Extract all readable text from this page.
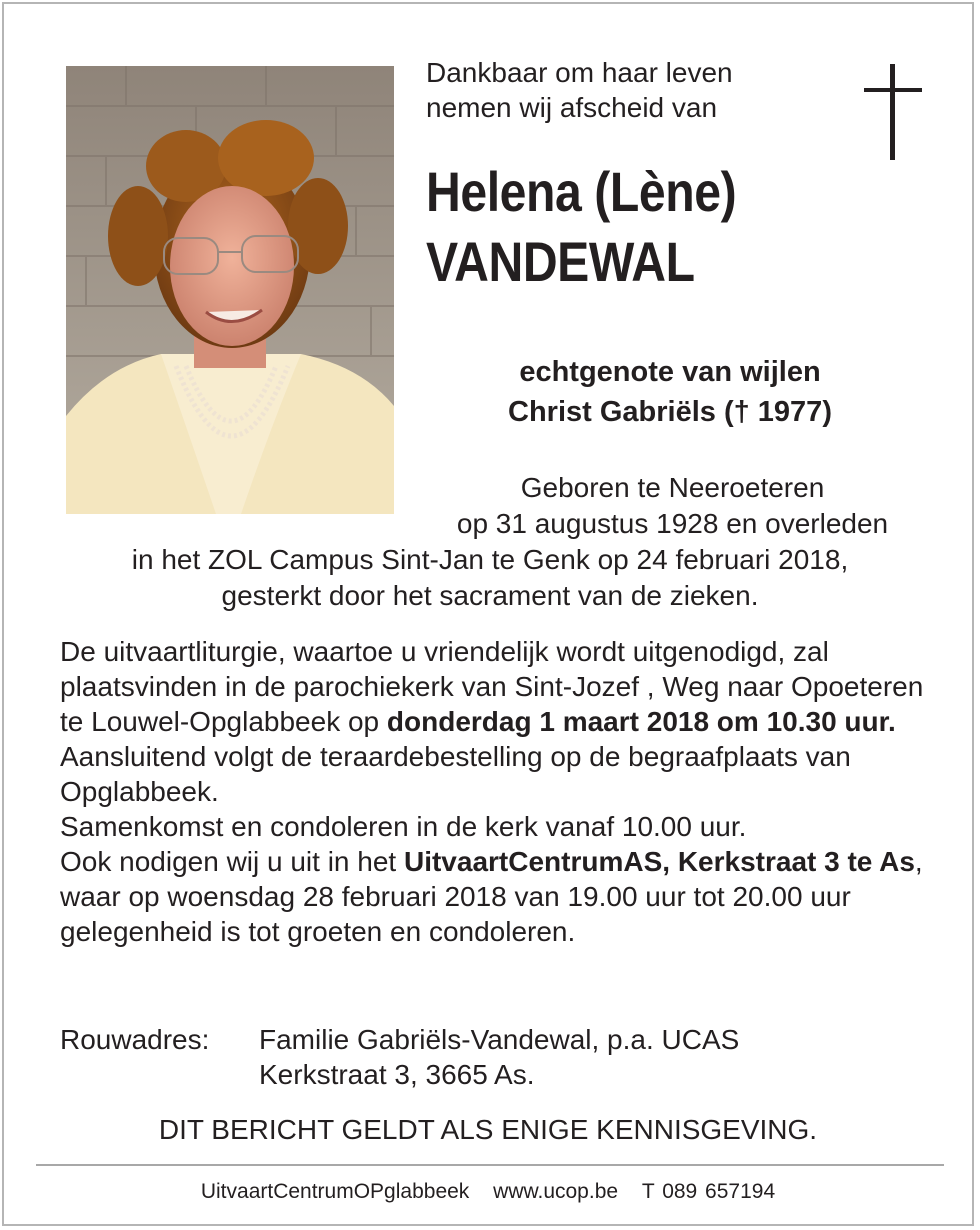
Dankbaar om haar leven
nemen wij afscheid van
Helena (Lène)
VANDEWAL
echtgenote van wijlen
Christ Gabriëls († 1977)
Geboren te Neeroeteren
op 31 augustus 1928 en overleden
in het ZOL Campus Sint-Jan te Genk op 24 februari 2018,
gesterkt door het sacrament van de zieken.
De uitvaartliturgie, waartoe u vriendelijk wordt uitgenodigd, zal plaatsvinden in de parochiekerk van Sint-Jozef , Weg naar Opoeteren te Louwel-Opglabbeek op donderdag 1 maart 2018 om 10.30 uur.
Aansluitend volgt de teraardebestelling op de begraafplaats van Opglabbeek.
Samenkomst en condoleren in de kerk vanaf 10.00 uur.
Ook nodigen wij u uit in het UitvaartCentrumAS, Kerkstraat 3 te As, waar op woensdag 28 februari 2018 van 19.00 uur tot 20.00 uur gelegenheid is tot groeten en condoleren.
Rouwadres: Familie Gabriëls-Vandewal, p.a. UCAS
Kerkstraat 3, 3665 As.
DIT BERICHT GELDT ALS ENIGE KENNISGEVING.
UitvaartCentrumOPglabbeek www.ucop.be T 089 657194
